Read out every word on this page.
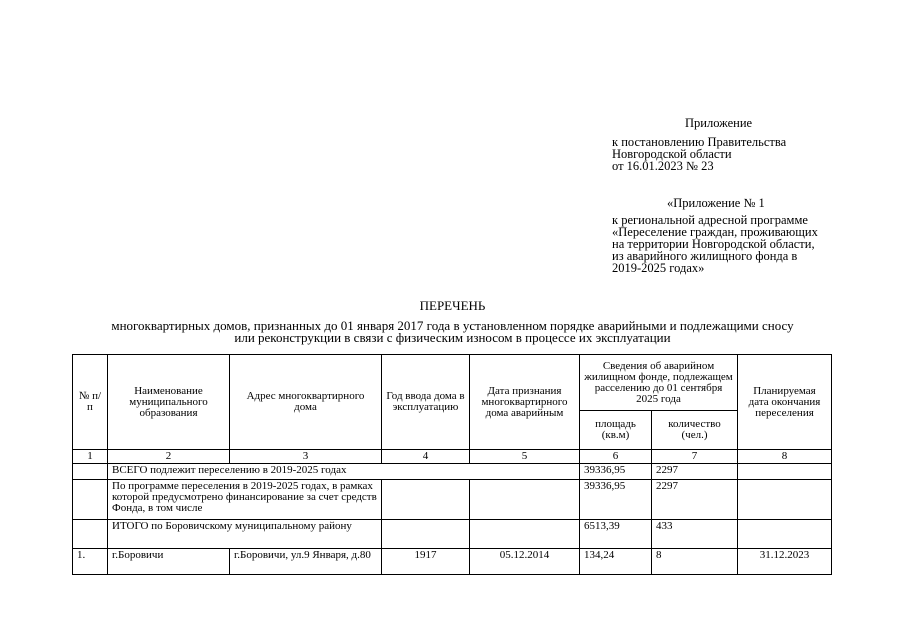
Приложение
к постановлению Правительства
Новгородской области
от 16.01.2023 № 23
«Приложение № 1
к региональной адресной программе
«Переселение граждан, проживающих
на территории Новгородской области,
из аварийного жилищного фонда в
2019-2025 годах»
ПЕРЕЧЕНЬ
многоквартирных домов, признанных до 01 января 2017 года в установленном порядке аварийными и подлежащими сносу
или реконструкции в связи с физическим износом в процессе их эксплуатации
№ п/п	Наименование муниципального образования	Адрес многоквартирного дома	Год ввода дома в эксплуатацию	Дата признания многоквартирного дома аварийным	Сведения об аварийном жилищном фонде, подлежащем расселению до 01 сентября 2025 года		Планируемая дата окончания переселения
					площадь (кв.м)	количество (чел.)	
1	2	3	4	5	6	7	8
	ВСЕГО подлежит переселению в 2019-2025 годах				39336,95	2297	
	По программе переселения в 2019-2025 годах, в рамках которой предусмотрено финансирование за счет средств Фонда, в том числе				39336,95	2297	
	ИТОГО по Боровичскому муниципальному району				6513,39	433	
1.	г.Боровичи	г.Боровичи, ул.9 Января, д.80	1917	05.12.2014	134,24	8	31.12.2023
